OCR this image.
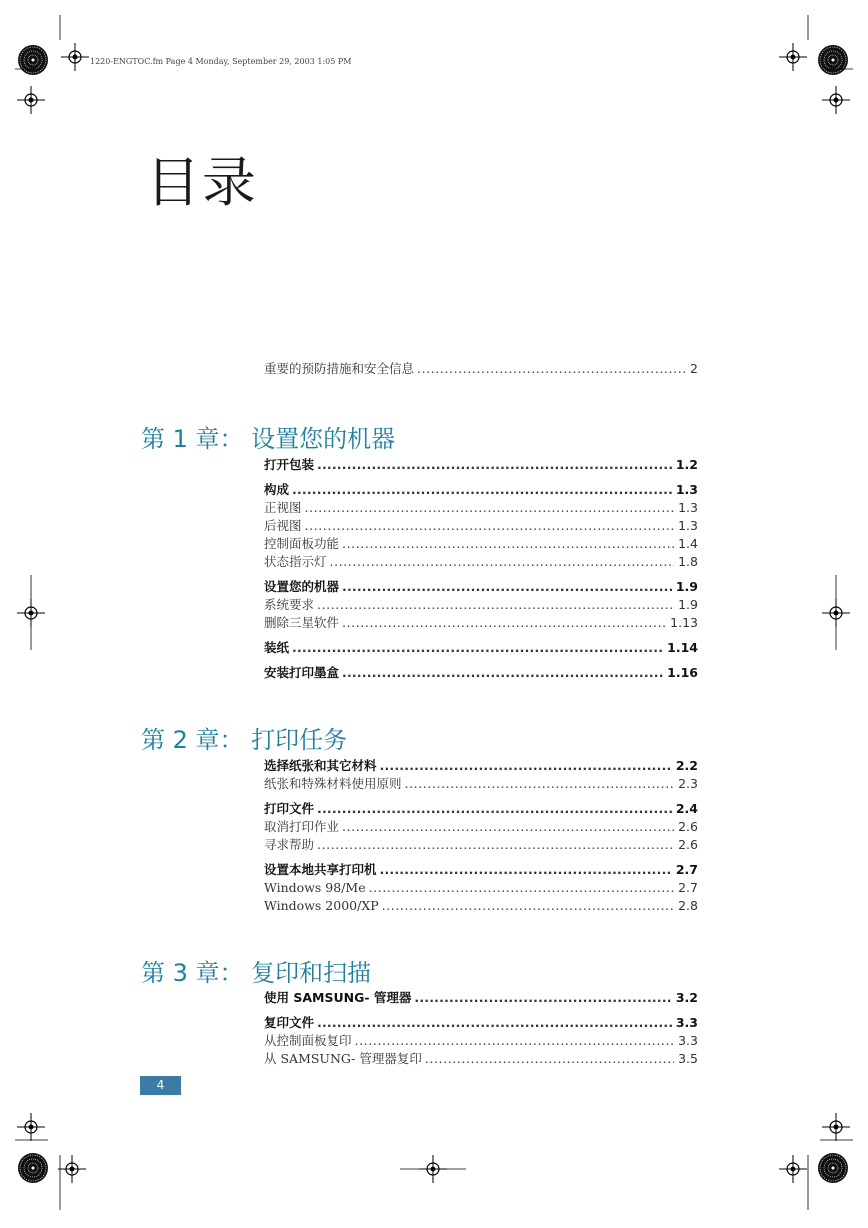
1220-ENGTOC.fm Page 4 Monday, September 29, 2003 1:05 PM
目录
重要的预防措施和安全信息 .....	2
第 1 章： 设置您的机器
打开包装 .....	1.2
构成 .....	1.3
正视图 .....	1.3
后视图 .....	1.3
控制面板功能 .....	1.4
状态指示灯 .....	1.8
设置您的机器 .....	1.9
系统要求 .....	1.9
删除三星软件 .....	1.13
装纸 .....	1.14
安装打印墨盒 .....	1.16
第 2 章： 打印任务
选择纸张和其它材料 .....	2.2
纸张和特殊材料使用原则 .....	2.3
打印文件 .....	2.4
取消打印作业 .....	2.6
寻求帮助 .....	2.6
设置本地共享打印机 .....	2.7
Windows 98/Me .....	2.7
Windows 2000/XP .....	2.8
第 3 章： 复印和扫描
使用 SAMSUNG- 管理器 .....	3.2
复印文件 .....	3.3
从控制面板复印 .....	3.3
从 SAMSUNG- 管理器复印 .....	3.5
4
